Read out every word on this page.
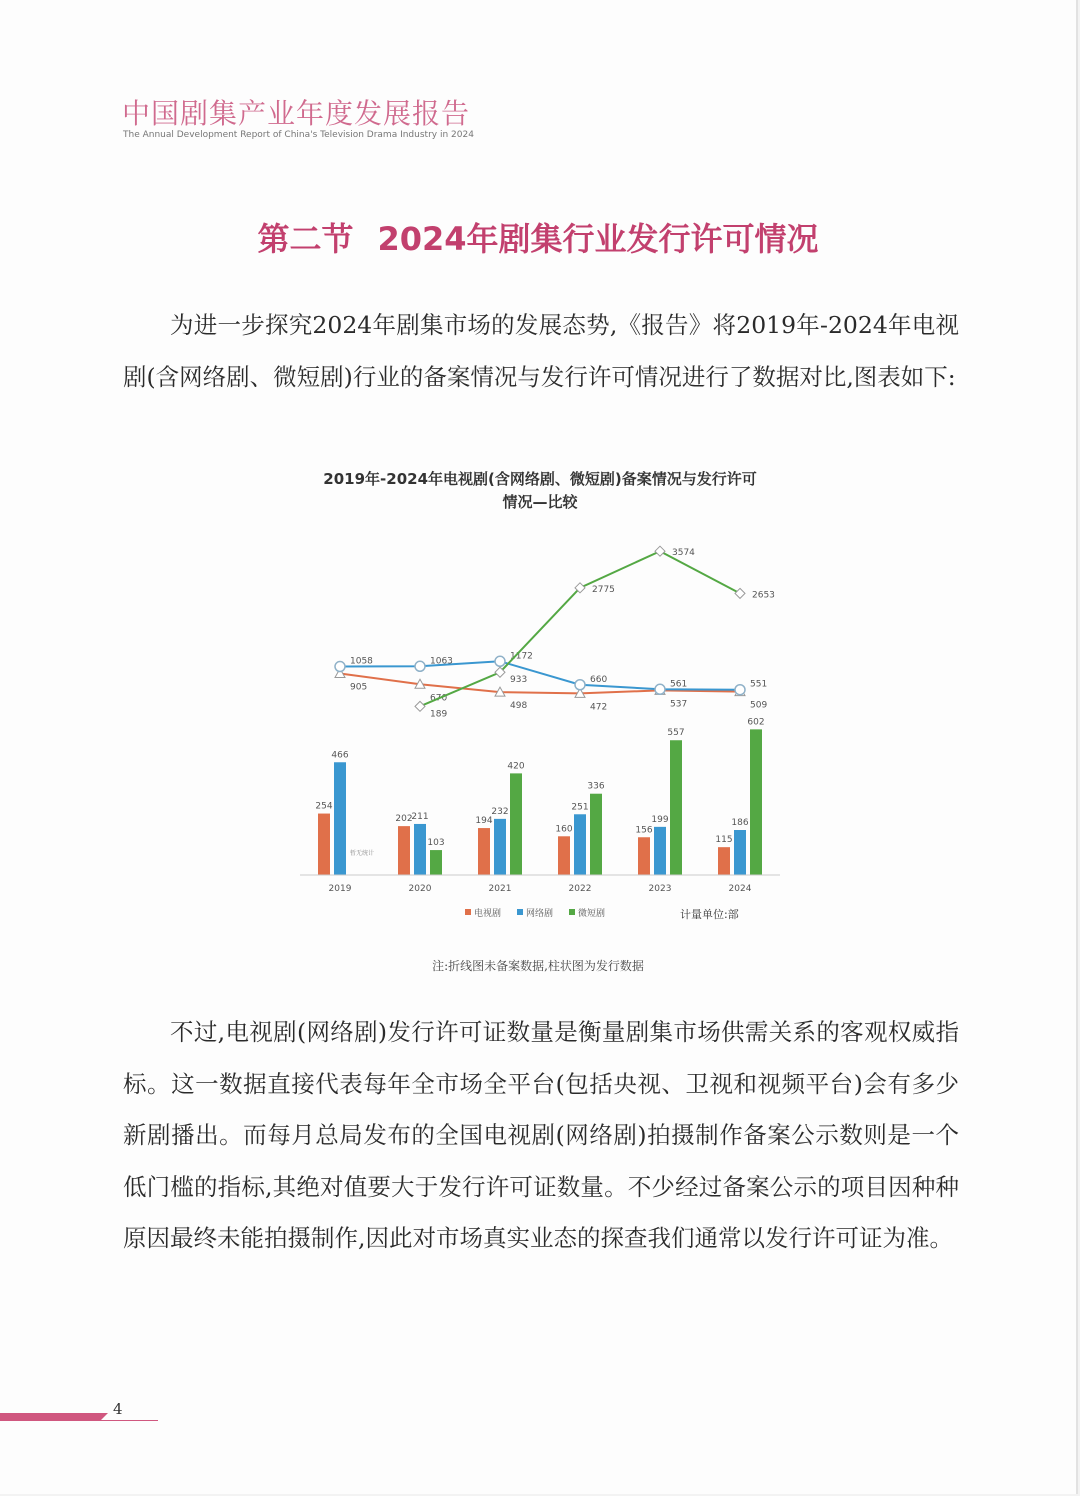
中国剧集产业年度发展报告
The Annual Development Report of China's Television Drama Industry in 2024
第二节 2024年剧集行业发行许可情况

为进一步探究2024年剧集市场的发展态势,《报告》将2019年-2024年电视剧(含网络剧、微短剧)行业的备案情况与发行许可情况进行了数据对比,图表如下:

2019年-2024年电视剧(含网络剧、微短剧)备案情况与发行许可情况—比较
905
670
498	472	537	509
1058	1063	1172
660	561	551
189
933
2775
3574
2653
254
202	194
160	156
115
466
211
232	251
199	186
暂无统计
103
420
336
557
602
2019	2020	2021	2022	2023	2024
电视剧	网络剧	微短剧	计量单位:部
注:折线图未备案数据,柱状图为发行数据

不过,电视剧(网络剧)发行许可证数量是衡量剧集市场供需关系的客观权威指标。这一数据直接代表每年全市场全平台(包括央视、卫视和视频平台)会有多少新剧播出。而每月总局发布的全国电视剧(网络剧)拍摄制作备案公示数则是一个低门槛的指标,其绝对值要大于发行许可证数量。不少经过备案公示的项目因种种原因最终未能拍摄制作,因此对市场真实业态的探查我们通常以发行许可证为准。

4
